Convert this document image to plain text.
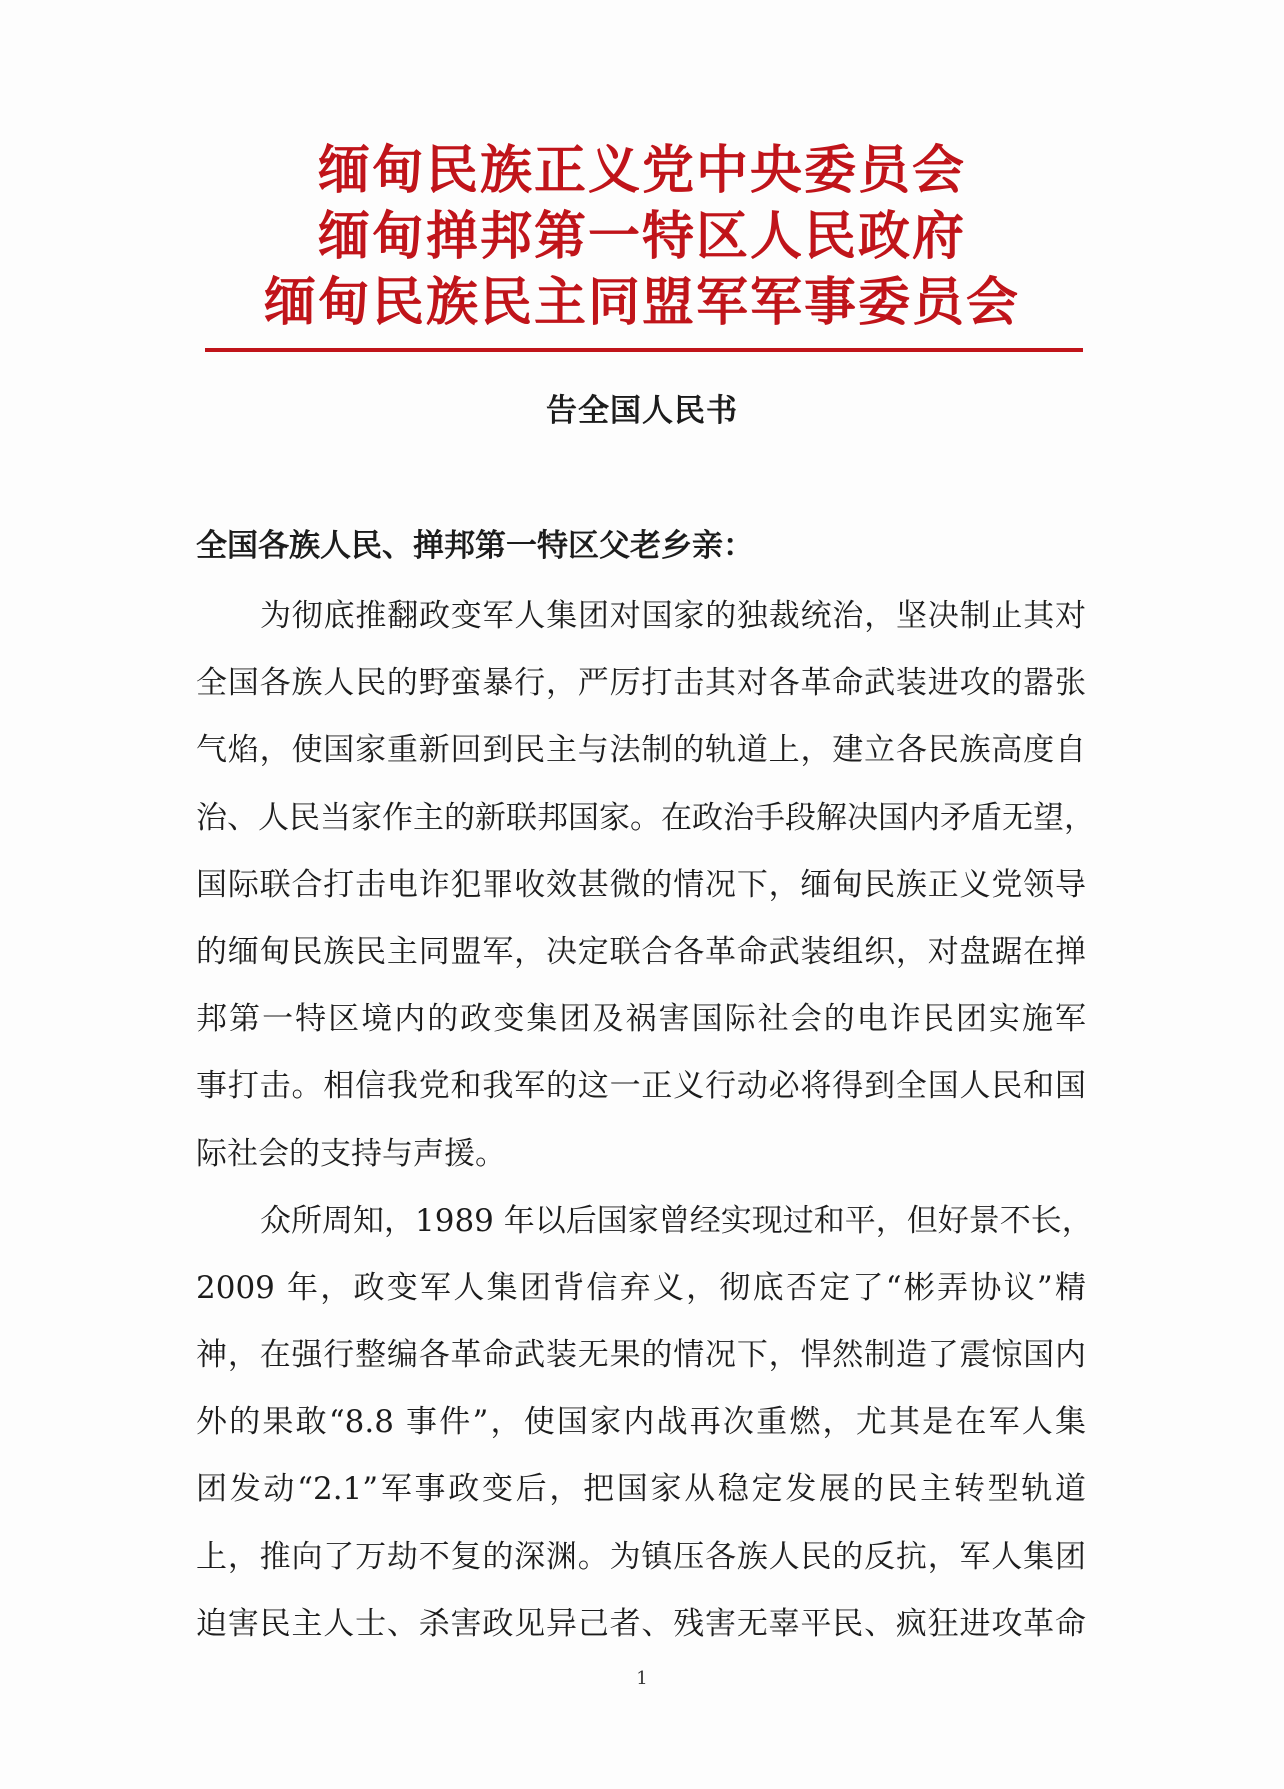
缅甸民族正义党中央委员会
缅甸掸邦第一特区人民政府
缅甸民族民主同盟军军事委员会
告全国人民书
全国各族人民、掸邦第一特区父老乡亲：
为彻底推翻政变军人集团对国家的独裁统治，坚决制止其对
全国各族人民的野蛮暴行，严厉打击其对各革命武装进攻的嚣张
气焰，使国家重新回到民主与法制的轨道上，建立各民族高度自
治、人民当家作主的新联邦国家。在政治手段解决国内矛盾无望，
国际联合打击电诈犯罪收效甚微的情况下，缅甸民族正义党领导
的缅甸民族民主同盟军，决定联合各革命武装组织，对盘踞在掸
邦第一特区境内的政变集团及祸害国际社会的电诈民团实施军
事打击。相信我党和我军的这一正义行动必将得到全国人民和国
际社会的支持与声援。
众所周知，1989 年以后国家曾经实现过和平，但好景不长，
2009 年，政变军人集团背信弃义，彻底否定了“彬弄协议”精
神，在强行整编各革命武装无果的情况下，悍然制造了震惊国内
外的果敢“8.8 事件”，使国家内战再次重燃，尤其是在军人集
团发动“2.1”军事政变后，把国家从稳定发展的民主转型轨道
上，推向了万劫不复的深渊。为镇压各族人民的反抗，军人集团
迫害民主人士、杀害政见异己者、残害无辜平民、疯狂进攻革命
1
